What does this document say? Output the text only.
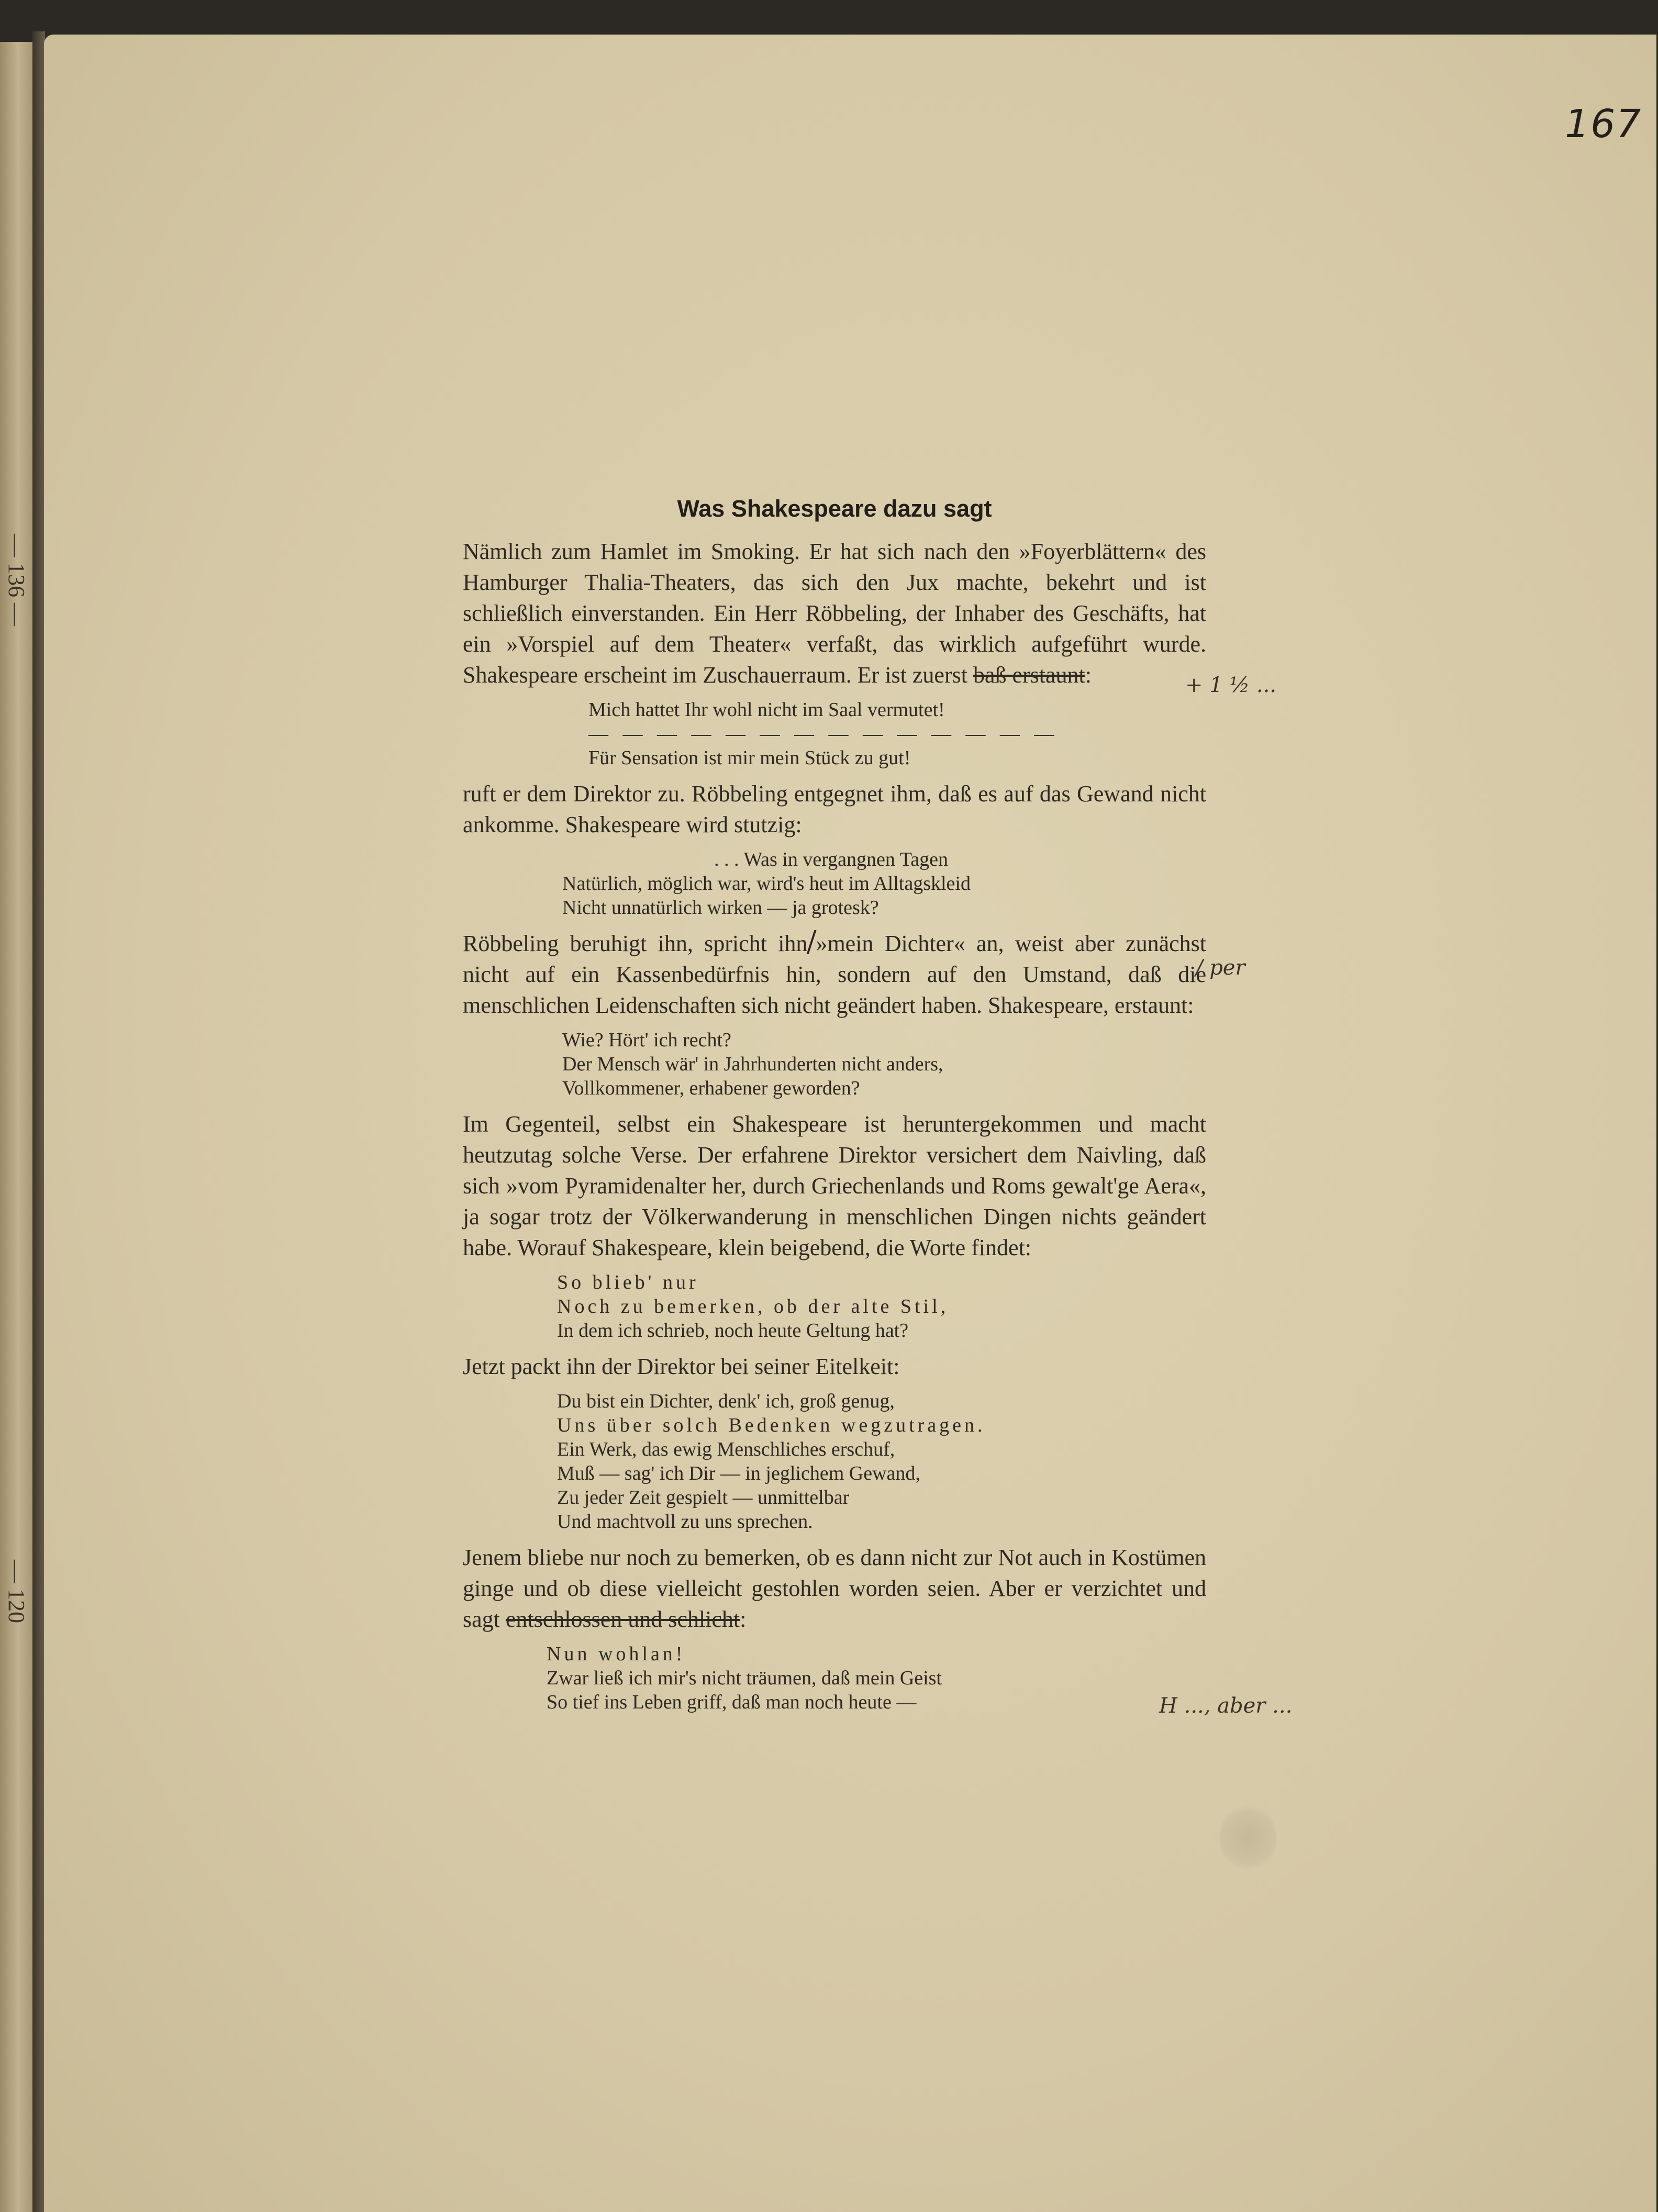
— 136 —
— 120
167
Was Shakespeare dazu sagt

Nämlich zum Hamlet im Smoking. Er hat sich nach den »Foyerblättern« des Hamburger Thalia-Theaters, das sich den Jux machte, bekehrt und ist schließlich einverstanden. Ein Herr Röbbeling, der Inhaber des Geschäfts, hat ein »Vorspiel auf dem Theater« verfaßt, das wirklich aufgeführt wurde. Shakespeare erscheint im Zuschauerraum. Er ist zuerst baß erstaunt:

Mich hattet Ihr wohl nicht im Saal vermutet!
— — — — — — — — — — — — — —
Für Sensation ist mir mein Stück zu gut!

ruft er dem Direktor zu. Röbbeling entgegnet ihm, daß es auf das Gewand nicht ankomme. Shakespeare wird stutzig:

. . . Was in vergangnen Tagen
Natürlich, möglich war, wird's heut im Alltagskleid
Nicht unnatürlich wirken — ja grotesk?

Röbbeling beruhigt ihn, spricht ihn »mein Dichter« an, weist aber zunächst nicht auf ein Kassenbedürfnis hin, sondern auf den Umstand, daß die menschlichen Leidenschaften sich nicht geändert haben. Shakespeare, erstaunt:

Wie? Hört' ich recht?
Der Mensch wär' in Jahrhunderten nicht anders,
Vollkommener, erhabener geworden?

Im Gegenteil, selbst ein Shakespeare ist heruntergekommen und macht heutzutag solche Verse. Der erfahrene Direktor versichert dem Naivling, daß sich »vom Pyramidenalter her, durch Griechenlands und Roms gewalt'ge Aera«, ja sogar trotz der Völkerwanderung in menschlichen Dingen nichts geändert habe. Worauf Shakespeare, klein beigebend, die Worte findet:

So blieb' nur
Noch zu bemerken, ob der alte Stil,
In dem ich schrieb, noch heute Geltung hat?

Jetzt packt ihn der Direktor bei seiner Eitelkeit:

Du bist ein Dichter, denk' ich, groß genug,
Uns über solch Bedenken wegzutragen.
Ein Werk, das ewig Menschliches erschuf,
Muß — sag' ich Dir — in jeglichem Gewand,
Zu jeder Zeit gespielt — unmittelbar
Und machtvoll zu uns sprechen.

Jenem bliebe nur noch zu bemerken, ob es dann nicht zur Not auch in Kostümen ginge und ob diese vielleicht gestohlen worden seien. Aber er verzichtet und sagt entschlossen und schlicht:

Nun wohlan!
Zwar ließ ich mir's nicht träumen, daß mein Geist
So tief ins Leben griff, daß man noch heute —
+ 1 ½ ...
/ per
H ..., aber ...
